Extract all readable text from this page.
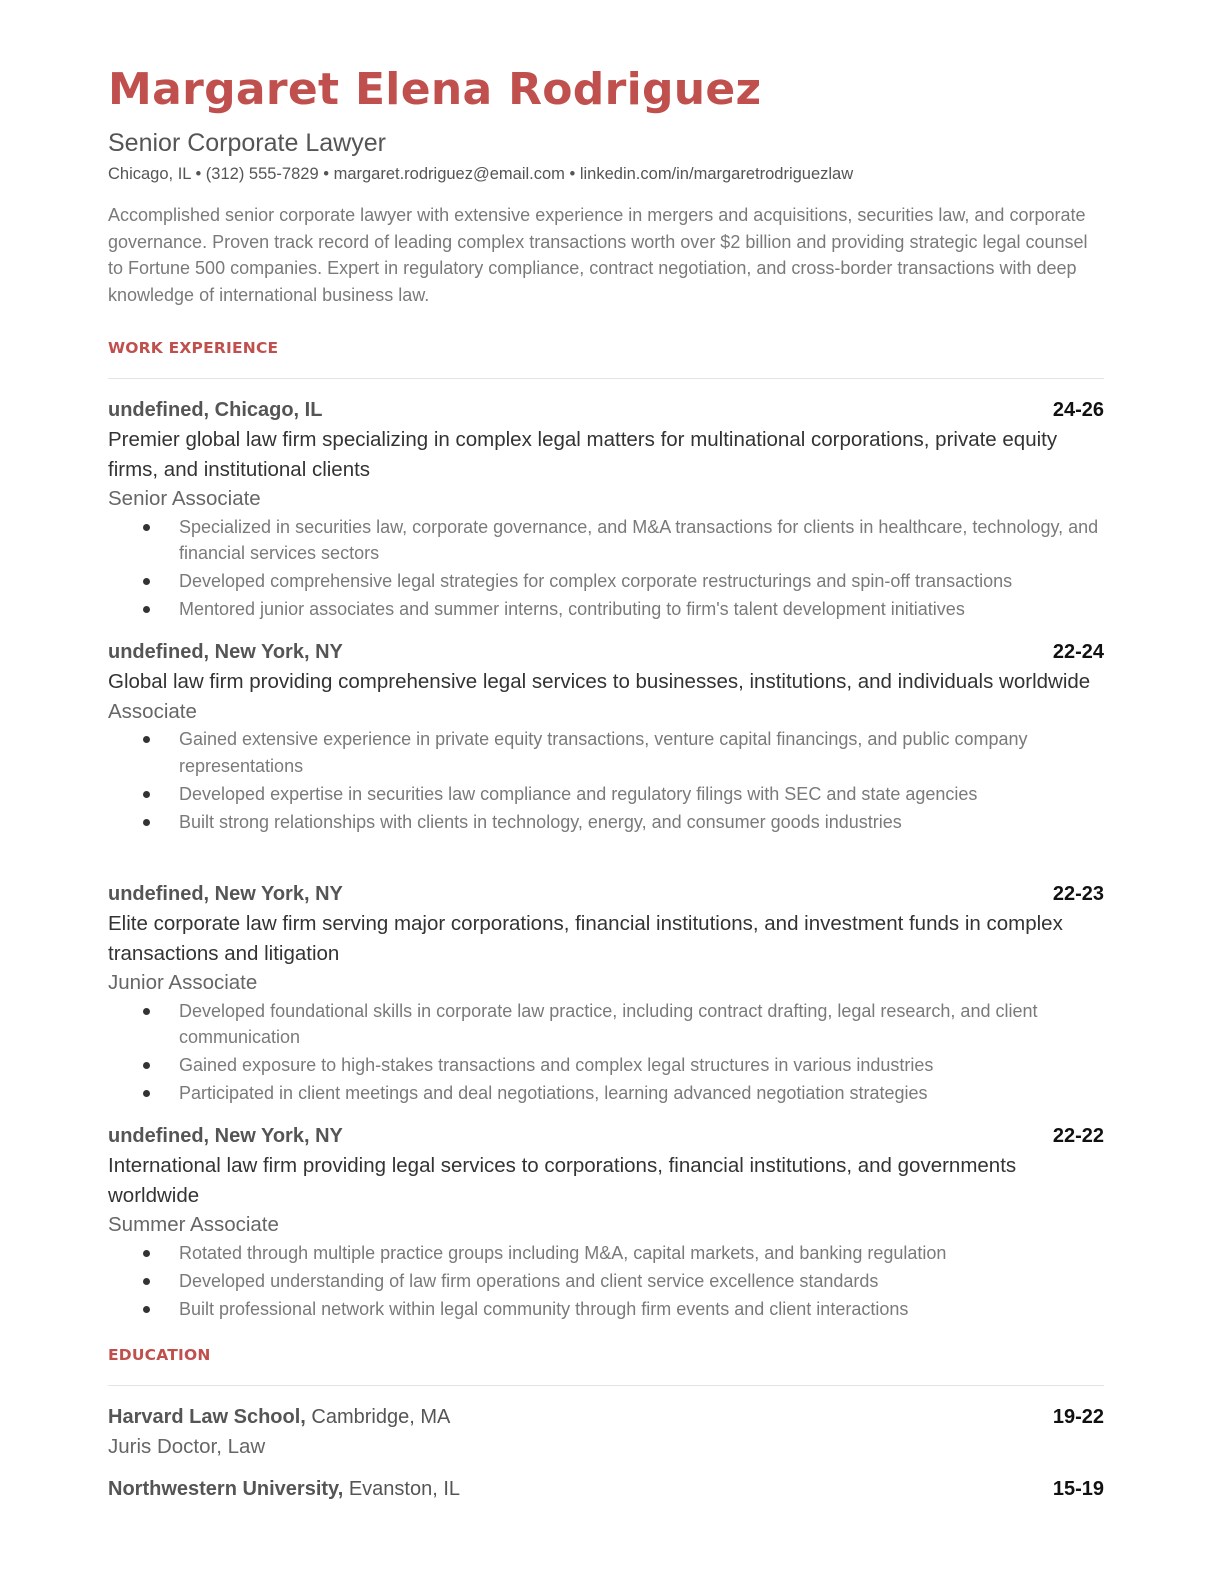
Margaret Elena Rodriguez
Senior Corporate Lawyer
Chicago, IL • (312) 555-7829 • margaret.rodriguez@email.com • linkedin.com/in/margaretrodriguezlaw
Accomplished senior corporate lawyer with extensive experience in mergers and acquisitions, securities law, and corporate governance. Proven track record of leading complex transactions worth over $2 billion and providing strategic legal counsel to Fortune 500 companies. Expert in regulatory compliance, contract negotiation, and cross-border transactions with deep knowledge of international business law.
WORK EXPERIENCE
undefined, Chicago, IL	24-26
Premier global law firm specializing in complex legal matters for multinational corporations, private equity firms, and institutional clients
Senior Associate
Specialized in securities law, corporate governance, and M&A transactions for clients in healthcare, technology, and financial services sectors
Developed comprehensive legal strategies for complex corporate restructurings and spin-off transactions
Mentored junior associates and summer interns, contributing to firm's talent development initiatives
undefined, New York, NY	22-24
Global law firm providing comprehensive legal services to businesses, institutions, and individuals worldwide
Associate
Gained extensive experience in private equity transactions, venture capital financings, and public company representations
Developed expertise in securities law compliance and regulatory filings with SEC and state agencies
Built strong relationships with clients in technology, energy, and consumer goods industries
undefined, New York, NY	22-23
Elite corporate law firm serving major corporations, financial institutions, and investment funds in complex transactions and litigation
Junior Associate
Developed foundational skills in corporate law practice, including contract drafting, legal research, and client communication
Gained exposure to high-stakes transactions and complex legal structures in various industries
Participated in client meetings and deal negotiations, learning advanced negotiation strategies
undefined, New York, NY	22-22
International law firm providing legal services to corporations, financial institutions, and governments worldwide
Summer Associate
Rotated through multiple practice groups including M&A, capital markets, and banking regulation
Developed understanding of law firm operations and client service excellence standards
Built professional network within legal community through firm events and client interactions
EDUCATION
Harvard Law School, Cambridge, MA	19-22
Juris Doctor, Law
Northwestern University, Evanston, IL	15-19
